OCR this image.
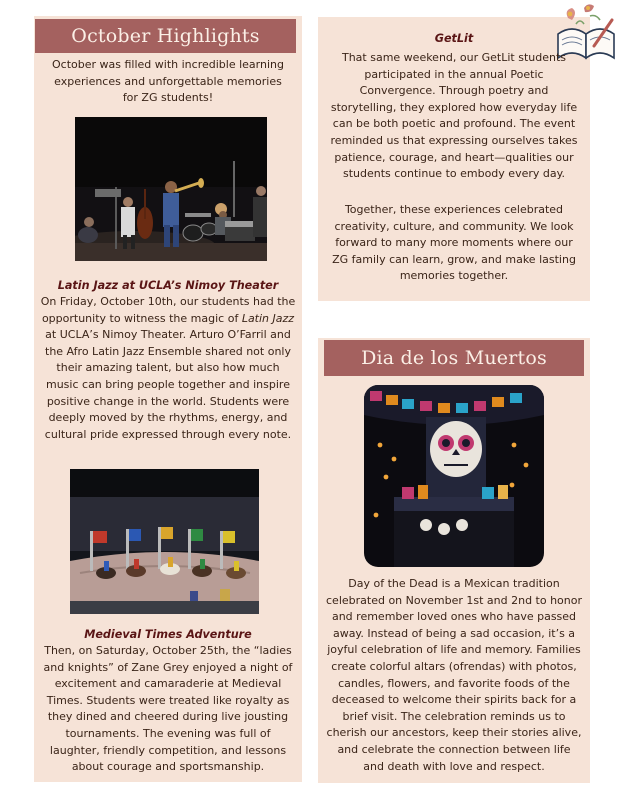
October Highlights
October was filled with incredible learning experiences and unforgettable memories for ZG students!
Latin Jazz at UCLA’s Nimoy Theater
On Friday, October 10th, our students had the opportunity to witness the magic of Latin Jazz at UCLA’s Nimoy Theater. Arturo O’Farril and the Afro Latin Jazz Ensemble shared not only their amazing talent, but also how much music can bring people together and inspire positive change in the world. Students were deeply moved by the rhythms, energy, and cultural pride expressed through every note.
Medieval Times Adventure
Then, on Saturday, October 25th, the “ladies and knights” of Zane Grey enjoyed a night of excitement and camaraderie at Medieval Times. Students were treated like royalty as they dined and cheered during live jousting tournaments. The evening was full of laughter, friendly competition, and lessons about courage and sportsmanship.
GetLit
That same weekend, our GetLit students participated in the annual Poetic Convergence. Through poetry and storytelling, they explored how everyday life can be both poetic and profound. The event reminded us that expressing ourselves takes patience, courage, and heart—qualities our students continue to embody every day.
Together, these experiences celebrated creativity, culture, and community. We look forward to many more moments where our ZG family can learn, grow, and make lasting memories together.
Dia de los Muertos
Day of the Dead is a Mexican tradition celebrated on November 1st and 2nd to honor and remember loved ones who have passed away. Instead of being a sad occasion, it’s a joyful celebration of life and memory. Families create colorful altars (ofrendas) with photos, candles, flowers, and favorite foods of the deceased to welcome their spirits back for a brief visit. The celebration reminds us to cherish our ancestors, keep their stories alive, and celebrate the connection between life and death with love and respect.
